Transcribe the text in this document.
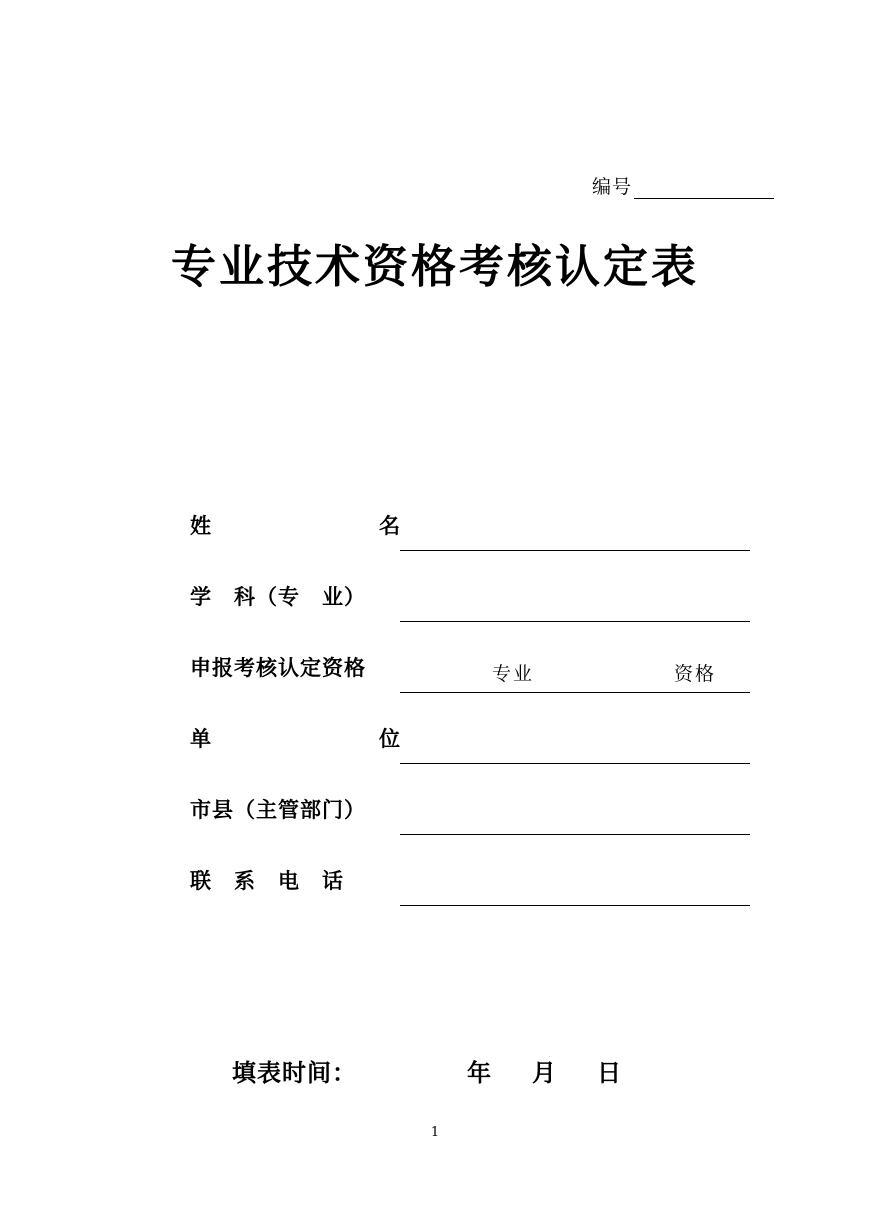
编号
专业技术资格考核认定表
姓	名
学　科（专　业）
申报考核认定资格	专业	资格
单	位
市县（主管部门）
联　系　电　话
填表时间：	年 月 日
1
